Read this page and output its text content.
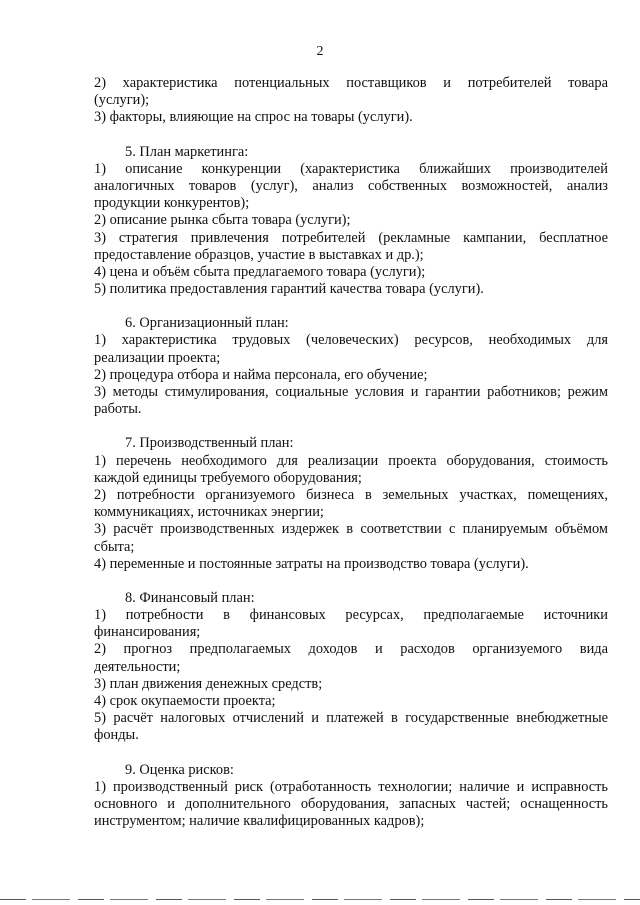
2
2) характеристика потенциальных поставщиков и потребителей товара
(услуги);
3) факторы, влияющие на спрос на товары (услуги).
5. План маркетинга:
1) описание конкуренции (характеристика ближайших производителей
аналогичных товаров (услуг), анализ собственных возможностей, анализ
продукции конкурентов);
2) описание рынка сбыта товара (услуги);
3) стратегия привлечения потребителей (рекламные кампании, бесплатное
предоставление образцов, участие в выставках и др.);
4) цена и объём сбыта предлагаемого товара (услуги);
5) политика предоставления гарантий качества товара (услуги).
6. Организационный план:
1) характеристика трудовых (человеческих) ресурсов, необходимых для
реализации проекта;
2) процедура отбора и найма персонала, его обучение;
3) методы стимулирования, социальные условия и гарантии работников; режим
работы.
7. Производственный план:
1) перечень необходимого для реализации проекта оборудования, стоимость
каждой единицы требуемого оборудования;
2) потребности организуемого бизнеса в земельных участках, помещениях,
коммуникациях, источниках энергии;
3) расчёт производственных издержек в соответствии с планируемым объёмом
сбыта;
4) переменные и постоянные затраты на производство товара (услуги).
8. Финансовый план:
1) потребности в финансовых ресурсах, предполагаемые источники
финансирования;
2) прогноз предполагаемых доходов и расходов организуемого вида
деятельности;
3) план движения денежных средств;
4) срок окупаемости проекта;
5) расчёт налоговых отчислений и платежей в государственные внебюджетные
фонды.
9. Оценка рисков:
1) производственный риск (отработанность технологии; наличие и исправность
основного и дополнительного оборудования, запасных частей; оснащенность
инструментом; наличие квалифицированных кадров);
